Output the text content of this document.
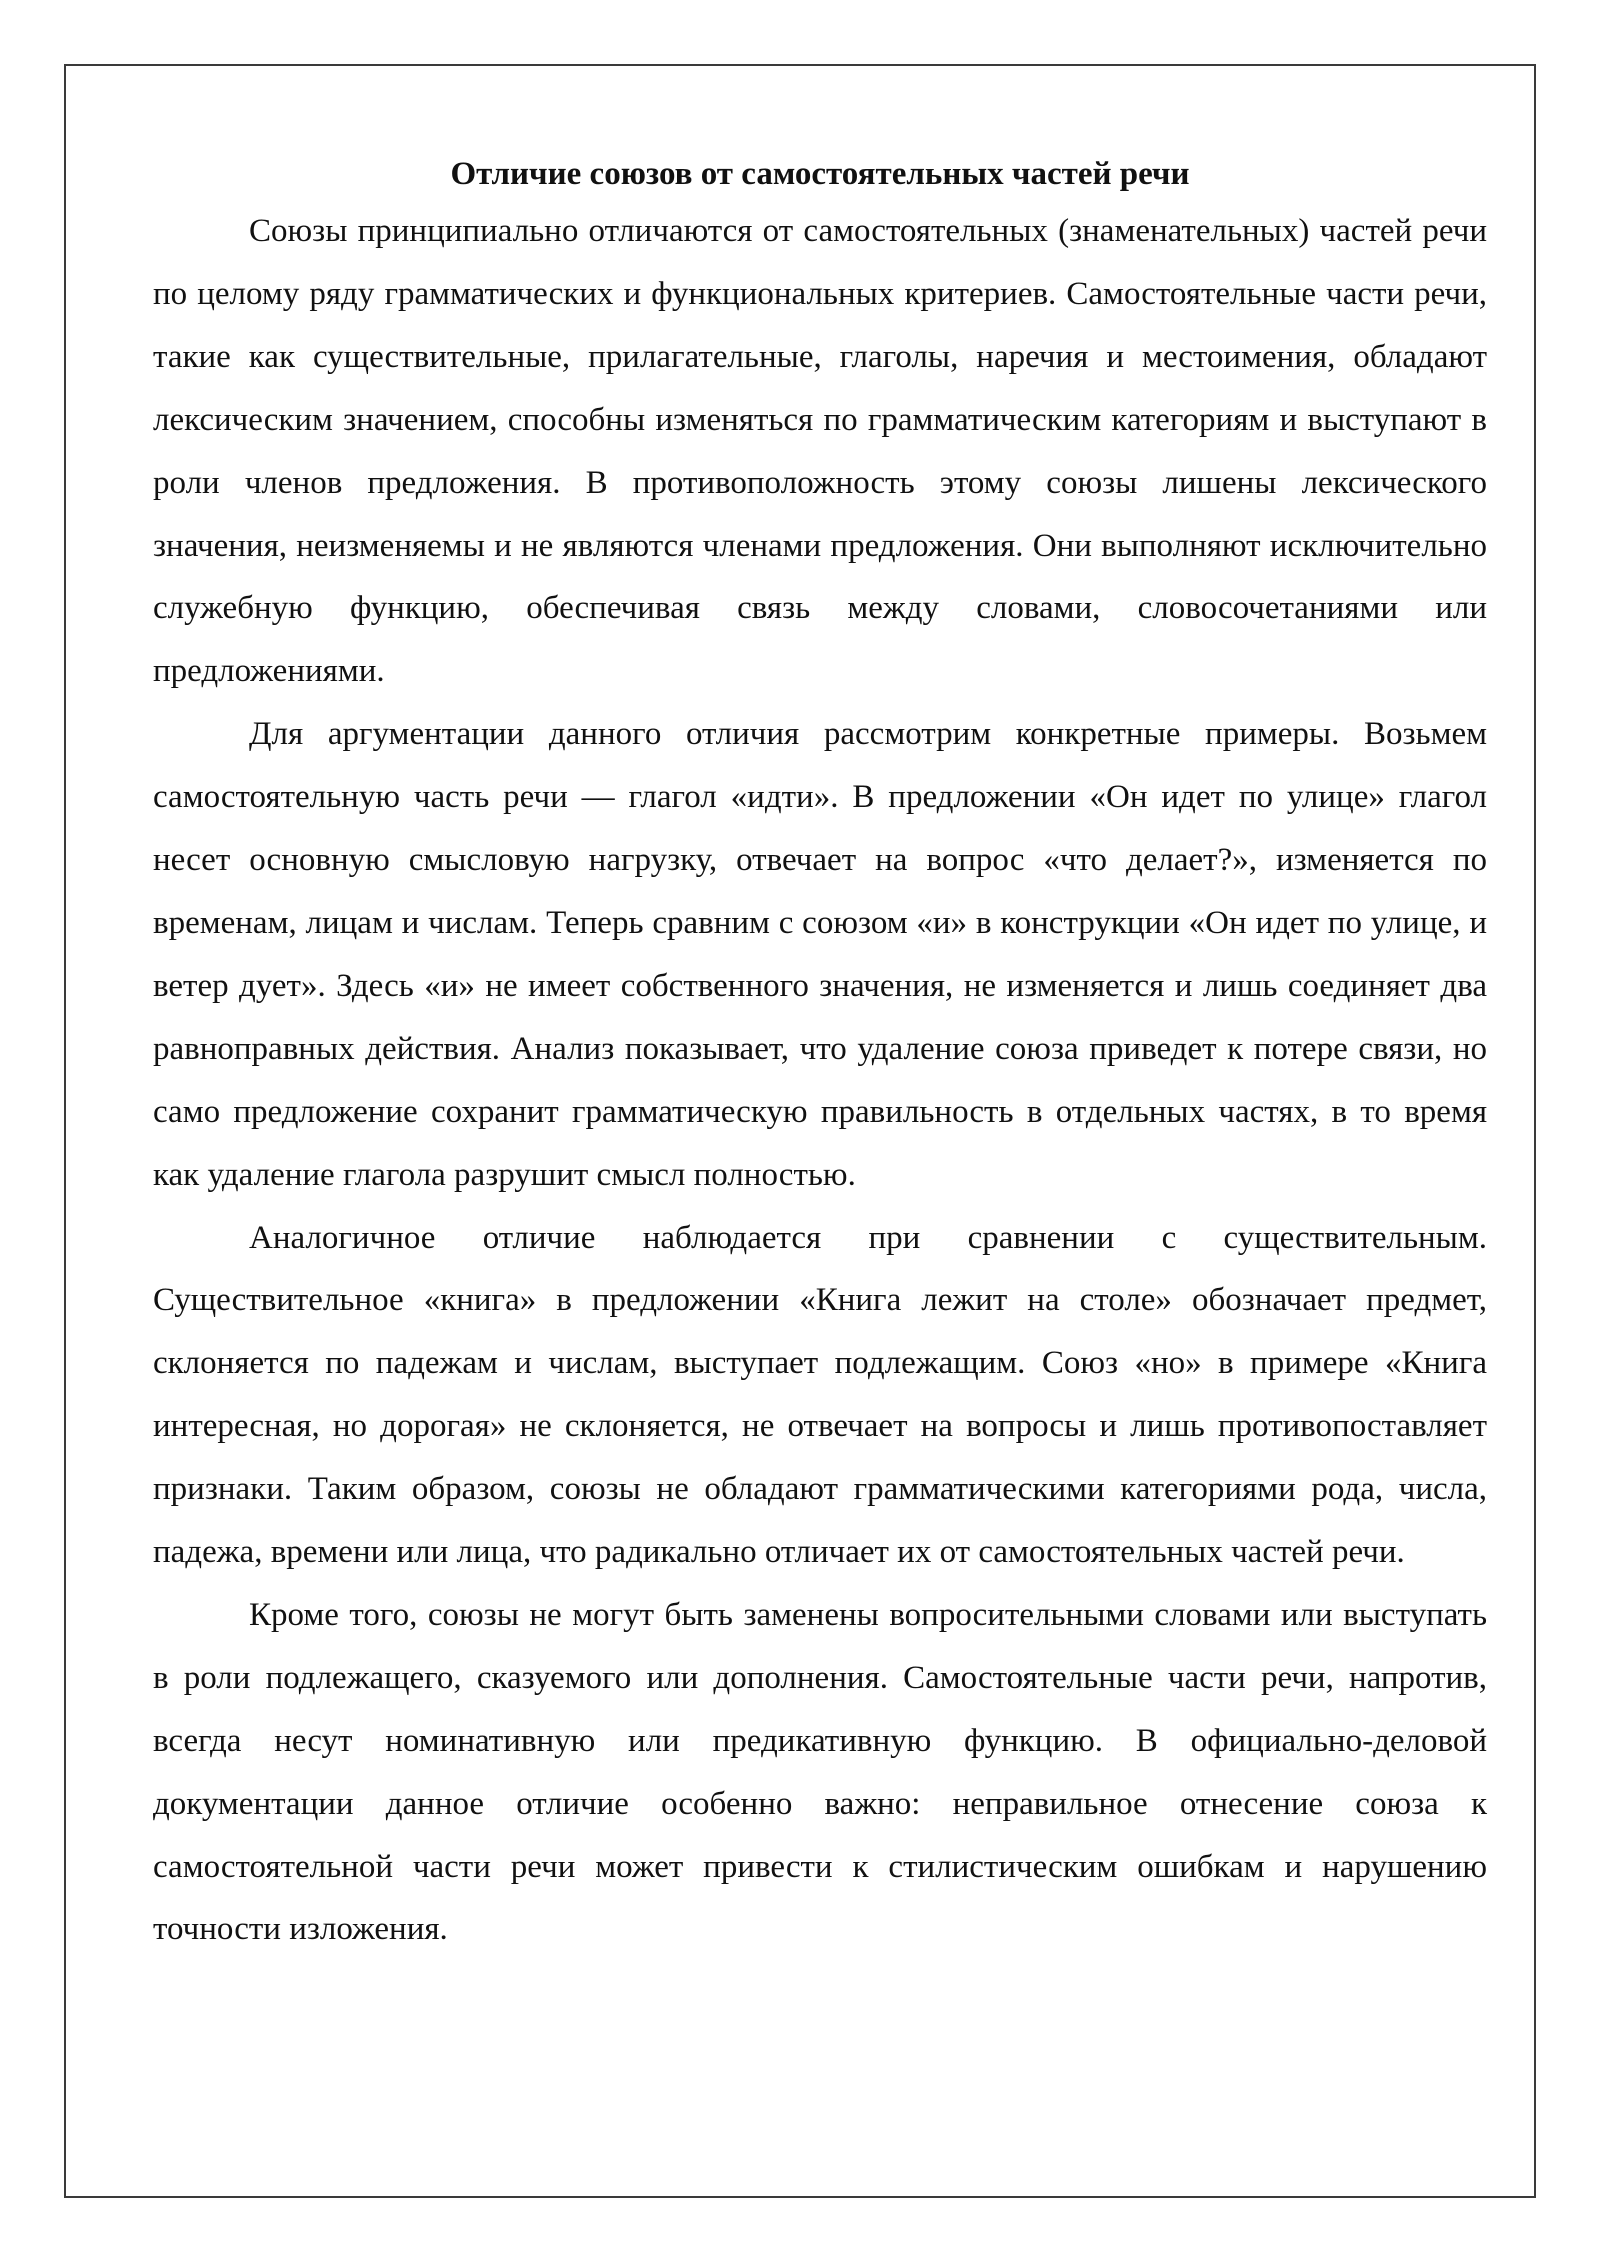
Отличие союзов от самостоятельных частей речи

Союзы принципиально отличаются от самостоятельных (знаменательных) частей речи по целому ряду грамматических и функциональных критериев. Самостоятельные части речи, такие как существительные, прилагательные, глаголы, наречия и местоимения, обладают лексическим значением, способны изменяться по грамматическим категориям и выступают в роли членов предложения. В противоположность этому союзы лишены лексического значения, неизменяемы и не являются членами предложения. Они выполняют исключительно служебную функцию, обеспечивая связь между словами, словосочетаниями или предложениями.

Для аргументации данного отличия рассмотрим конкретные примеры. Возьмем самостоятельную часть речи — глагол «идти». В предложении «Он идет по улице» глагол несет основную смысловую нагрузку, отвечает на вопрос «что делает?», изменяется по временам, лицам и числам. Теперь сравним с союзом «и» в конструкции «Он идет по улице, и ветер дует». Здесь «и» не имеет собственного значения, не изменяется и лишь соединяет два равноправных действия. Анализ показывает, что удаление союза приведет к потере связи, но само предложение сохранит грамматическую правильность в отдельных частях, в то время как удаление глагола разрушит смысл полностью.

Аналогичное отличие наблюдается при сравнении с существительным. Существительное «книга» в предложении «Книга лежит на столе» обозначает предмет, склоняется по падежам и числам, выступает подлежащим. Союз «но» в примере «Книга интересная, но дорогая» не склоняется, не отвечает на вопросы и лишь противопоставляет признаки. Таким образом, союзы не обладают грамматическими категориями рода, числа, падежа, времени или лица, что радикально отличает их от самостоятельных частей речи.

Кроме того, союзы не могут быть заменены вопросительными словами или выступать в роли подлежащего, сказуемого или дополнения. Самостоятельные части речи, напротив, всегда несут номинативную или предикативную функцию. В официально-деловой документации данное отличие особенно важно: неправильное отнесение союза к самостоятельной части речи может привести к стилистическим ошибкам и нарушению точности изложения.
